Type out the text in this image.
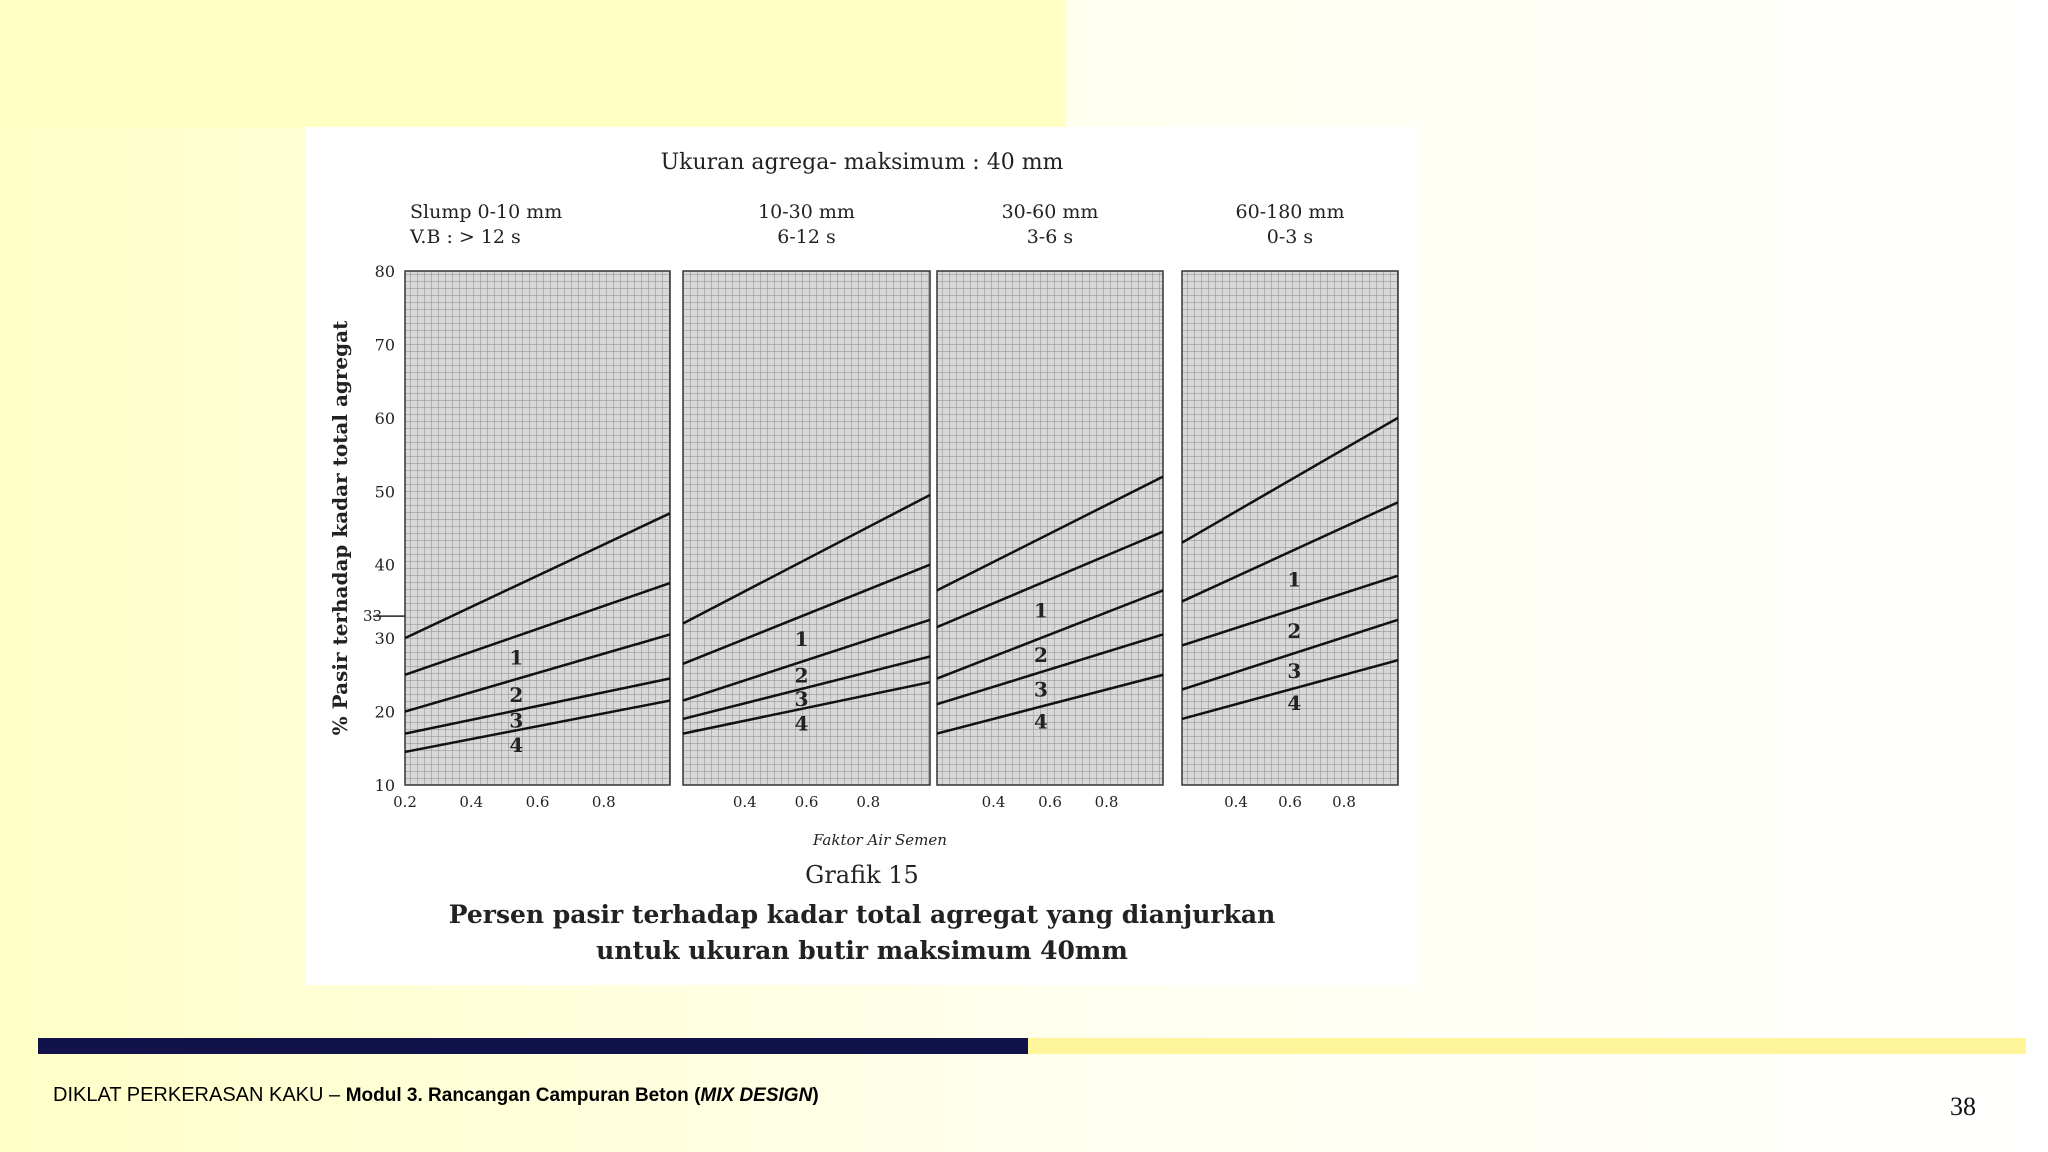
Ukuran agrega- maksimum : 40 mm
% Pasir terhadap kadar total agregat
10
20
30
40
50
60
70
80
33
Slump 0-10 mm
V.B : > 12 s
0.2	0.4	0.6	0.8
1
2
3
4
10-30 mm
6-12 s
0.4	0.6	0.8
1
2
3
4
30-60 mm
3-6 s
0.4 0.6 0.8
1
2
3
4
60-180 mm
0-3 s
0.4 0.6 0.8
1
2
3
4
Faktor Air Semen
Grafik 15
Persen pasir terhadap kadar total agregat yang dianjurkan
untuk ukuran butir maksimum 40mm
DIKLAT PERKERASAN KAKU – Modul 3. Rancangan Campuran Beton (MIX DESIGN)	38
